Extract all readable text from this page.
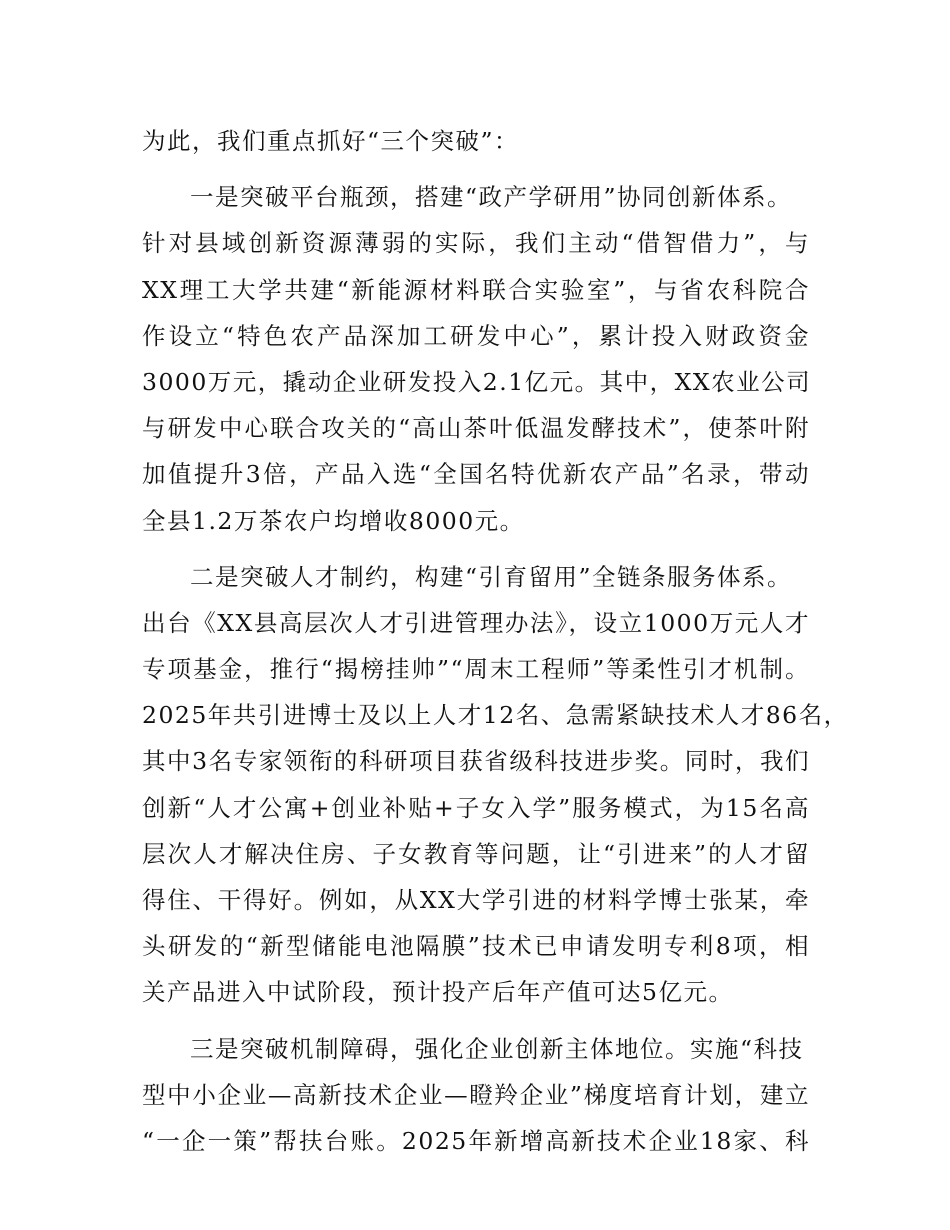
为此，我们重点抓好“三个突破”：
一是突破平台瓶颈，搭建“政产学研用”协同创新体系。
针对县域创新资源薄弱的实际，我们主动“借智借力”，与
XX理工大学共建“新能源材料联合实验室”，与省农科院合
作设立“特色农产品深加工研发中心”，累计投入财政资金
3000万元，撬动企业研发投入2.1亿元。其中，XX农业公司
与研发中心联合攻关的“高山茶叶低温发酵技术”，使茶叶附
加值提升3倍，产品入选“全国名特优新农产品”名录，带动
全县1.2万茶农户均增收8000元。
二是突破人才制约，构建“引育留用”全链条服务体系。
出台《XX县高层次人才引进管理办法》，设立1000万元人才
专项基金，推行“揭榜挂帅”“周末工程师”等柔性引才机制。
2025年共引进博士及以上人才12名、急需紧缺技术人才86名，
其中3名专家领衔的科研项目获省级科技进步奖。同时，我们
创新“人才公寓+创业补贴+子女入学”服务模式，为15名高
层次人才解决住房、子女教育等问题，让“引进来”的人才留
得住、干得好。例如，从XX大学引进的材料学博士张某，牵
头研发的“新型储能电池隔膜”技术已申请发明专利8项，相
关产品进入中试阶段，预计投产后年产值可达5亿元。
三是突破机制障碍，强化企业创新主体地位。实施“科技
型中小企业—高新技术企业—瞪羚企业”梯度培育计划，建立
“一企一策”帮扶台账。2025年新增高新技术企业18家、科
